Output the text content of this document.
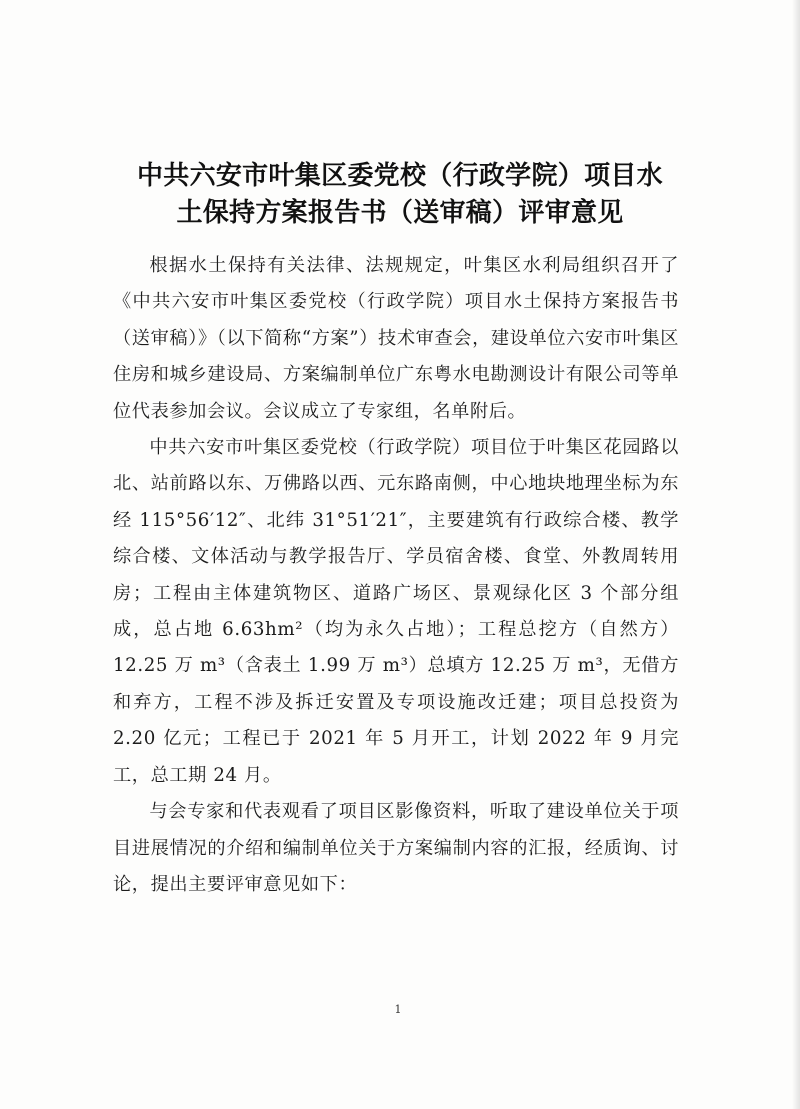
中共六安市叶集区委党校（行政学院）项目水
土保持方案报告书（送审稿）评审意见

根据水土保持有关法律、法规规定，叶集区水利局组织召开了《中共六安市叶集区委党校（行政学院）项目水土保持方案报告书（送审稿）》（以下简称“方案”）技术审查会，建设单位六安市叶集区住房和城乡建设局、方案编制单位广东粤水电勘测设计有限公司等单位代表参加会议。会议成立了专家组，名单附后。

中共六安市叶集区委党校（行政学院）项目位于叶集区花园路以北、站前路以东、万佛路以西、元东路南侧，中心地块地理坐标为东经 115°56′12″、北纬 31°51′21″，主要建筑有行政综合楼、教学综合楼、文体活动与教学报告厅、学员宿舍楼、食堂、外教周转用房；工程由主体建筑物区、道路广场区、景观绿化区 3 个部分组成，总占地 6.63hm²（均为永久占地）；工程总挖方（自然方）12.25 万 m³（含表土 1.99 万 m³）总填方 12.25 万 m³，无借方和弃方，工程不涉及拆迁安置及专项设施改迁建；项目总投资为 2.20 亿元；工程已于 2021 年 5 月开工，计划 2022 年 9 月完工，总工期 24 月。

与会专家和代表观看了项目区影像资料，听取了建设单位关于项目进展情况的介绍和编制单位关于方案编制内容的汇报，经质询、讨论，提出主要评审意见如下：

1
